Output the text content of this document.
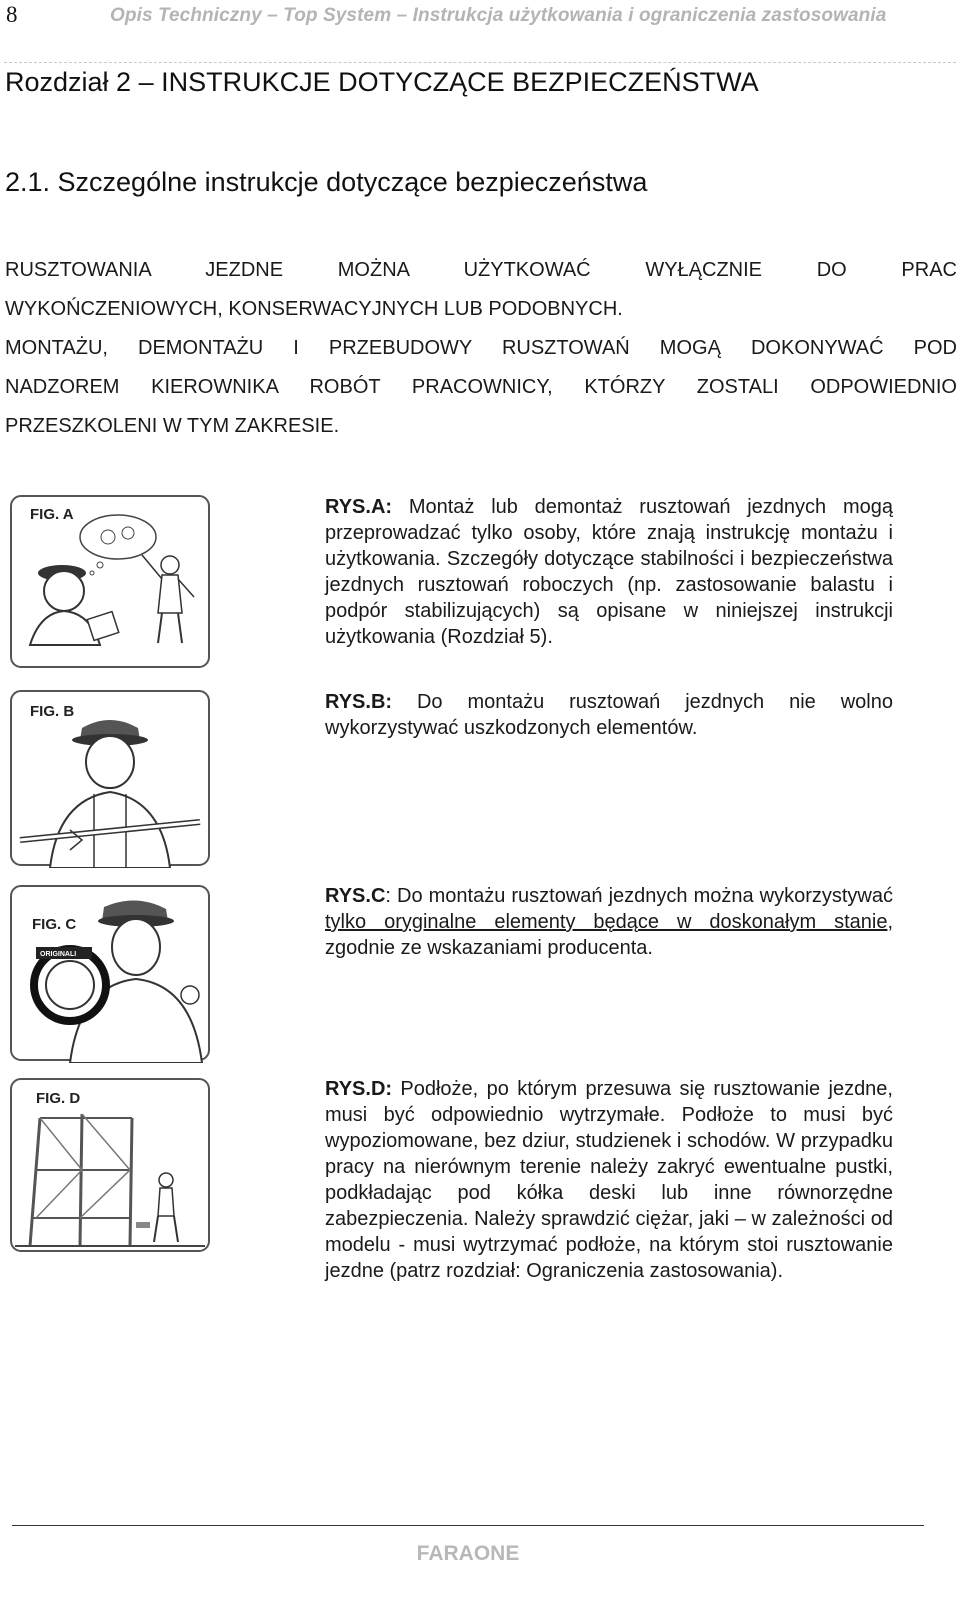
8	Opis Techniczny – Top System – Instrukcja użytkowania i ograniczenia zastosowania
Rozdział 2 – INSTRUKCJE DOTYCZĄCE BEZPIECZEŃSTWA
2.1. Szczególne instrukcje dotyczące bezpieczeństwa
RUSZTOWANIA JEZDNE MOŻNA UŻYTKOWAĆ WYŁĄCZNIE DO PRAC
WYKOŃCZENIOWYCH, KONSERWACYJNYCH LUB PODOBNYCH.
MONTAŻU, DEMONTAŻU I PRZEBUDOWY RUSZTOWAŃ MOGĄ DOKONYWAĆ POD
NADZOREM KIEROWNIKA ROBÓT PRACOWNICY, KTÓRZY ZOSTALI ODPOWIEDNIO
PRZESZKOLENI W TYM ZAKRESIE.
FIG. A	RYS.A: Montaż lub demontaż rusztowań jezdnych mogą przeprowadzać tylko osoby, które znają instrukcję montażu i użytkowania. Szczegóły dotyczące stabilności i bezpieczeństwa jezdnych rusztowań roboczych (np. zastosowanie balastu i podpór stabilizujących) są opisane w niniejszej instrukcji użytkowania (Rozdział 5).
FIG. B	RYS.B: Do montażu rusztowań jezdnych nie wolno wykorzystywać uszkodzonych elementów.
FIG. C
ORIGINALI
RYS.C: Do montażu rusztowań jezdnych można wykorzystywać tylko oryginalne elementy będące w doskonałym stanie, zgodnie ze wskazaniami producenta.
FIG. D	RYS.D: Podłoże, po którym przesuwa się rusztowanie jezdne, musi być odpowiednio wytrzymałe. Podłoże to musi być wypoziomowane, bez dziur, studzienek i schodów. W przypadku pracy na nierównym terenie należy zakryć ewentualne pustki, podkładając pod kółka deski lub inne równorzędne zabezpieczenia. Należy sprawdzić ciężar, jaki – w zależności od modelu - musi wytrzymać podłoże, na którym stoi rusztowanie jezdne (patrz rozdział: Ograniczenia zastosowania).
FARAONE
